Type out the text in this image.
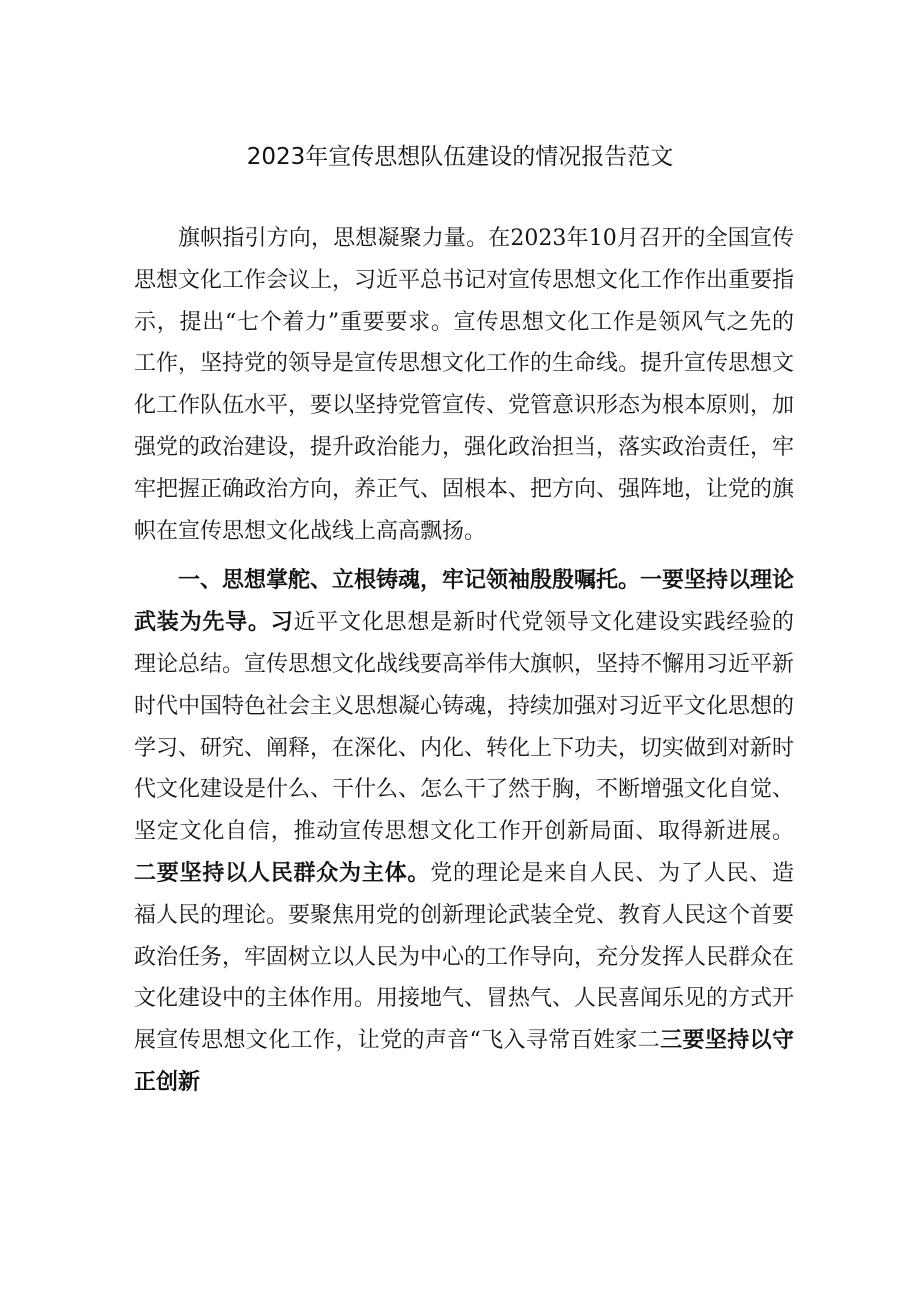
2023年宣传思想队伍建设的情况报告范文

旗帜指引方向，思想凝聚力量。在2023年10月召开的全国宣传思想文化工作会议上，习近平总书记对宣传思想文化工作作出重要指示，提出“七个着力”重要要求。宣传思想文化工作是领风气之先的工作，坚持党的领导是宣传思想文化工作的生命线。提升宣传思想文化工作队伍水平，要以坚持党管宣传、党管意识形态为根本原则，加强党的政治建设，提升政治能力，强化政治担当，落实政治责任，牢牢把握正确政治方向，养正气、固根本、把方向、强阵地，让党的旗帜在宣传思想文化战线上高高飘扬。

一、思想掌舵、立根铸魂，牢记领袖殷殷嘱托。一要坚持以理论武装为先导。习近平文化思想是新时代党领导文化建设实践经验的理论总结。宣传思想文化战线要高举伟大旗帜，坚持不懈用习近平新时代中国特色社会主义思想凝心铸魂，持续加强对习近平文化思想的学习、研究、阐释，在深化、内化、转化上下功夫，切实做到对新时代文化建设是什么、干什么、怎么干了然于胸，不断增强文化自觉、坚定文化自信，推动宣传思想文化工作开创新局面、取得新进展。二要坚持以人民群众为主体。党的理论是来自人民、为了人民、造福人民的理论。要聚焦用党的创新理论武装全党、教育人民这个首要政治任务，牢固树立以人民为中心的工作导向，充分发挥人民群众在文化建设中的主体作用。用接地气、冒热气、人民喜闻乐见的方式开展宣传思想文化工作，让党的声音“飞入寻常百姓家二三要坚持以守正创新
